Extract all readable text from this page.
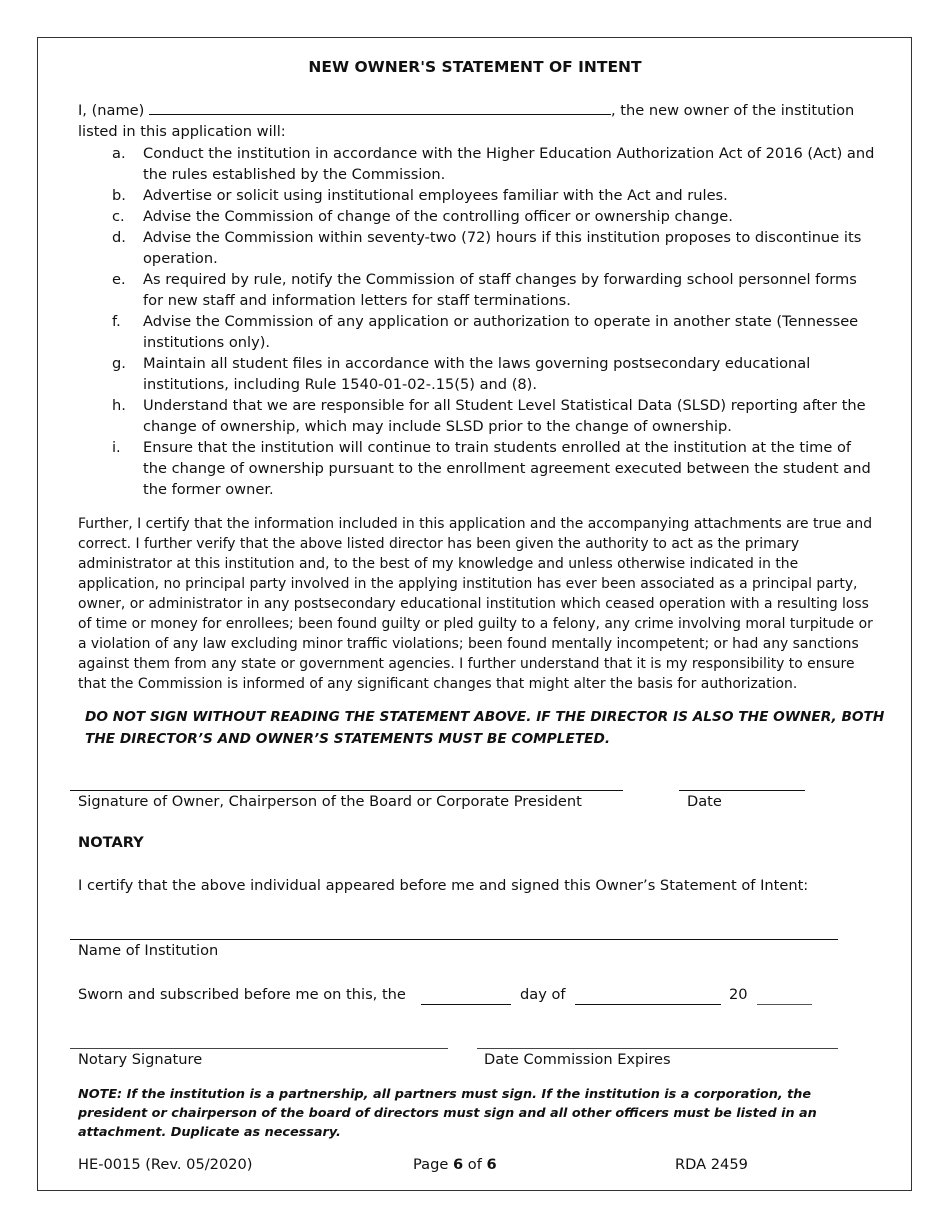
NEW OWNER'S STATEMENT OF INTENT
I, (name)	, the new owner of the institution
listed in this application will:
a. Conduct the institution in accordance with the Higher Education Authorization Act of 2016 (Act) and the rules established by the Commission.
b. Advertise or solicit using institutional employees familiar with the Act and rules.
c. Advise the Commission of change of the controlling officer or ownership change.
d. Advise the Commission within seventy-two (72) hours if this institution proposes to discontinue its operation.
e. As required by rule, notify the Commission of staff changes by forwarding school personnel forms for new staff and information letters for staff terminations.
f. Advise the Commission of any application or authorization to operate in another state (Tennessee institutions only).
g. Maintain all student files in accordance with the laws governing postsecondary educational institutions, including Rule 1540-01-02-.15(5) and (8).
h. Understand that we are responsible for all Student Level Statistical Data (SLSD) reporting after the change of ownership, which may include SLSD prior to the change of ownership.
i. Ensure that the institution will continue to train students enrolled at the institution at the time of the change of ownership pursuant to the enrollment agreement executed between the student and the former owner.
Further, I certify that the information included in this application and the accompanying attachments are true and correct. I further verify that the above listed director has been given the authority to act as the primary administrator at this institution and, to the best of my knowledge and unless otherwise indicated in the application, no principal party involved in the applying institution has ever been associated as a principal party, owner, or administrator in any postsecondary educational institution which ceased operation with a resulting loss of time or money for enrollees; been found guilty or pled guilty to a felony, any crime involving moral turpitude or a violation of any law excluding minor traffic violations; been found mentally incompetent; or had any sanctions against them from any state or government agencies. I further understand that it is my responsibility to ensure that the Commission is informed of any significant changes that might alter the basis for authorization.
DO NOT SIGN WITHOUT READING THE STATEMENT ABOVE. IF THE DIRECTOR IS ALSO THE OWNER, BOTH THE DIRECTOR’S AND OWNER’S STATEMENTS MUST BE COMPLETED.
Signature of Owner, Chairperson of the Board or Corporate President	Date
NOTARY
I certify that the above individual appeared before me and signed this Owner’s Statement of Intent:
Name of Institution
Sworn and subscribed before me on this, the	day of	20
Notary Signature	Date Commission Expires
NOTE: If the institution is a partnership, all partners must sign. If the institution is a corporation, the president or chairperson of the board of directors must sign and all other officers must be listed in an attachment. Duplicate as necessary.
HE-0015 (Rev. 05/2020)	Page 6 of 6	RDA 2459
